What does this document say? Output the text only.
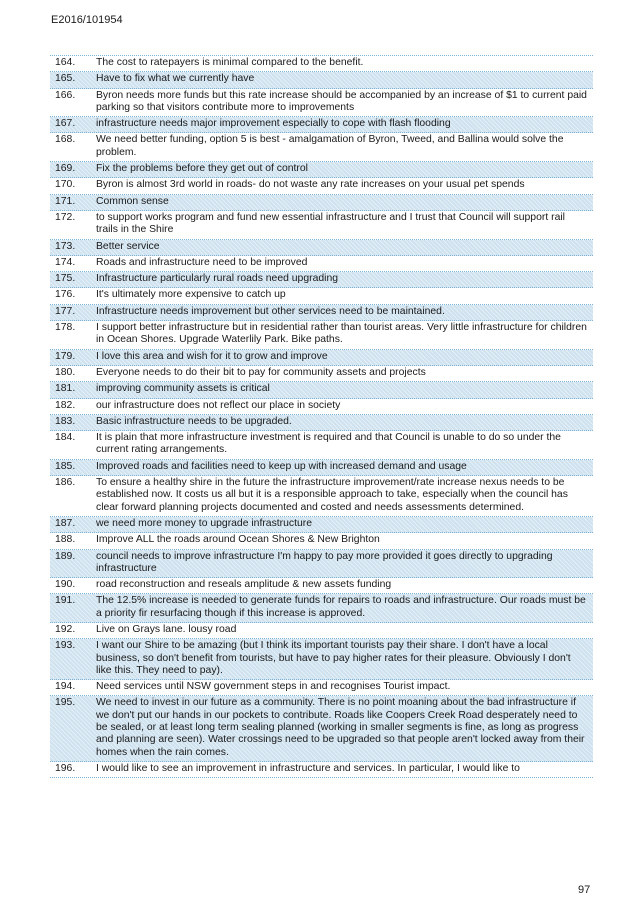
E2016/101954
164.	The cost to ratepayers is minimal compared to the benefit.
165.	Have to fix what we currently have
166.	Byron needs more funds but this rate increase should be accompanied by an increase of $1 to current paid parking so that visitors contribute more to improvements
167.	infrastructure needs major improvement especially to cope with flash flooding
168.	We need better funding, option 5 is best - amalgamation of Byron, Tweed, and Ballina would solve the problem.
169.	Fix the problems before they get out of control
170.	Byron is almost 3rd world in roads- do not waste any rate increases on your usual pet spends
171.	Common sense
172.	to support works program and fund new essential infrastructure and I trust that Council will support rail trails in the Shire
173.	Better service
174.	Roads and infrastructure need to be improved
175.	Infrastructure particularly rural roads need upgrading
176.	It's ultimately more expensive to catch up
177.	Infrastructure needs improvement but other services need to be maintained.
178.	I support better infrastructure but in residential rather than tourist areas. Very little infrastructure for children in Ocean Shores. Upgrade Waterlily Park. Bike paths.
179.	I love this area and wish for it to grow and improve
180.	Everyone needs to do their bit to pay for community assets and projects
181.	improving community assets is critical
182.	our infrastructure does not reflect our place in society
183.	Basic infrastructure needs to be upgraded.
184.	It is plain that more infrastructure investment is required and that Council is unable to do so under the current rating arrangements.
185.	Improved roads and facilities need to keep up with increased demand and usage
186.	To ensure a healthy shire in the future the infrastructure improvement/rate increase nexus needs to be established now. It costs us all but it is a responsible approach to take, especially when the council has clear forward planning projects documented and costed and needs assessments determined.
187.	we need more money to upgrade infrastructure
188.	Improve ALL the roads around Ocean Shores & New Brighton
189.	council needs to improve infrastructure I'm happy to pay more provided it goes directly to upgrading infrastructure
190.	road reconstruction and reseals amplitude & new assets funding
191.	The 12.5% increase is needed to generate funds for repairs to roads and infrastructure. Our roads must be a priority fir resurfacing though if this increase is approved.
192.	Live on Grays lane. lousy road
193.	I want our Shire to be amazing (but I think its important tourists pay their share. I don't have a local business, so don't benefit from tourists, but have to pay higher rates for their pleasure. Obviously I don't like this. They need to pay).
194.	Need services until NSW government steps in and recognises Tourist impact.
195.	We need to invest in our future as a community. There is no point moaning about the bad infrastructure if we don't put our hands in our pockets to contribute. Roads like Coopers Creek Road desperately need to be sealed, or at least long term sealing planned (working in smaller segments is fine, as long as progress and planning are seen). Water crossings need to be upgraded so that people aren't locked away from their homes when the rain comes.
196.	I would like to see an improvement in infrastructure and services. In particular, I would like to
97
